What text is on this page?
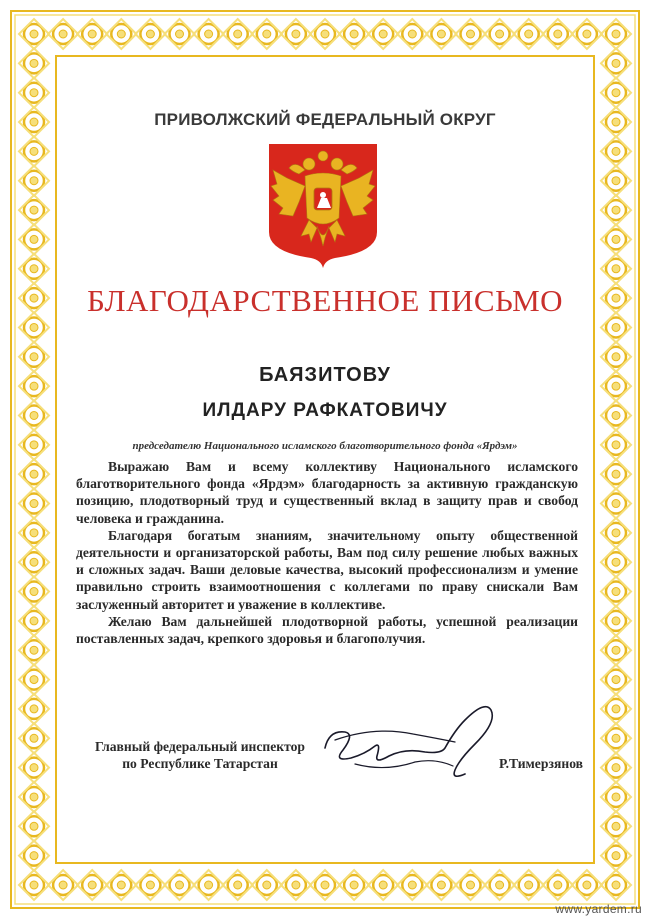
ПРИВОЛЖСКИЙ ФЕДЕРАЛЬНЫЙ ОКРУГ
БЛАГОДАРСТВЕННОЕ ПИСЬМО
БАЯЗИТОВУ
ИЛДАРУ РАФКАТОВИЧУ
председателю Национального исламского благотворительного фонда «Ярдэм»

Выражаю Вам и всему коллективу Национального исламского благотворительного фонда «Ярдэм» благодарность за активную гражданскую позицию, плодотворный труд и существенный вклад в защиту прав и свобод человека и гражданина.

Благодаря богатым знаниям, значительному опыту общественной деятельности и организаторской работы, Вам под силу решение любых важных и сложных задач. Ваши деловые качества, высокий профессионализм и умение правильно строить взаимоотношения с коллегами по праву снискали Вам заслуженный авторитет и уважение в коллективе.

Желаю Вам дальнейшей плодотворной работы, успешной реализации поставленных задач, крепкого здоровья и благополучия.

Главный федеральный инспектор
по Республике Татарстан	Р.Тимерзянов
www.yardem.ru
